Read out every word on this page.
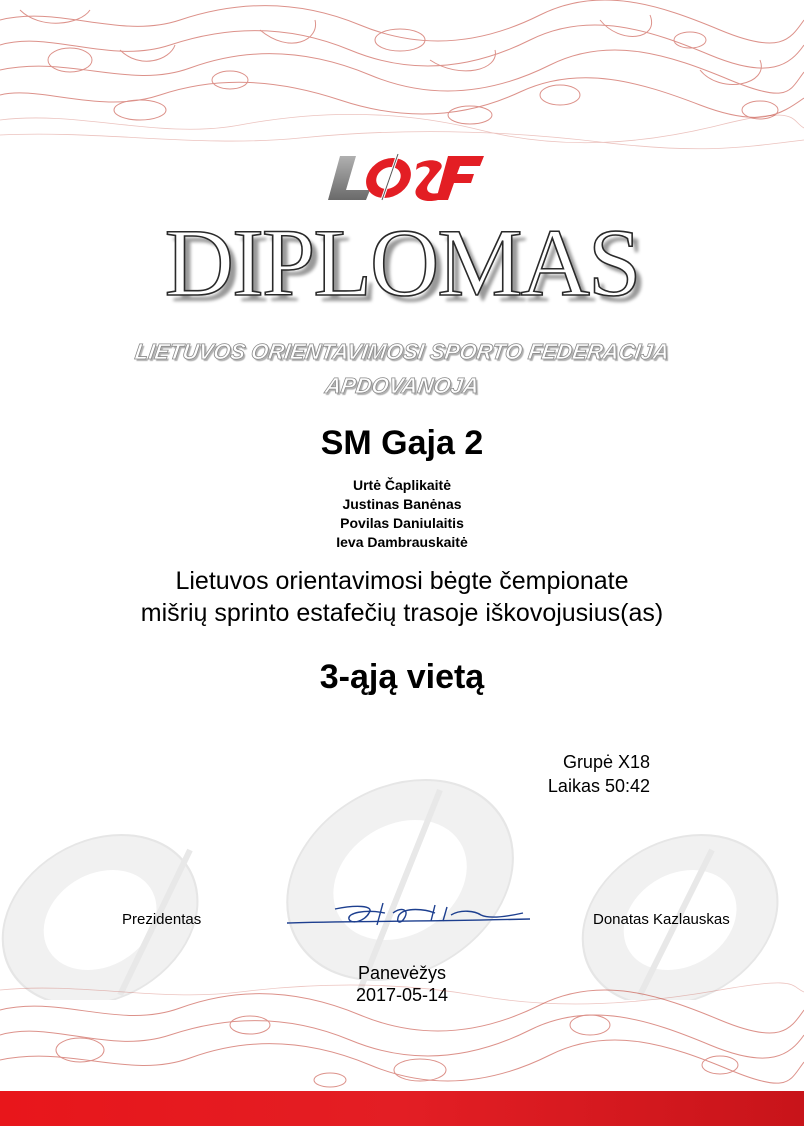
DIPLOMAS
LIETUVOS ORIENTAVIMOSI SPORTO FEDERACIJA
APDOVANOJA
SM Gaja 2
Urtė Čaplikaitė
Justinas Banėnas
Povilas Daniulaitis
Ieva Dambrauskaitė
Lietuvos orientavimosi bėgte čempionate
mišrių sprinto estafečių trasoje iškovojusius(as)
3-ąją vietą
Grupė X18
Laikas 50:42
Prezidentas	Donatas Kazlauskas
Panevėžys
2017-05-14
